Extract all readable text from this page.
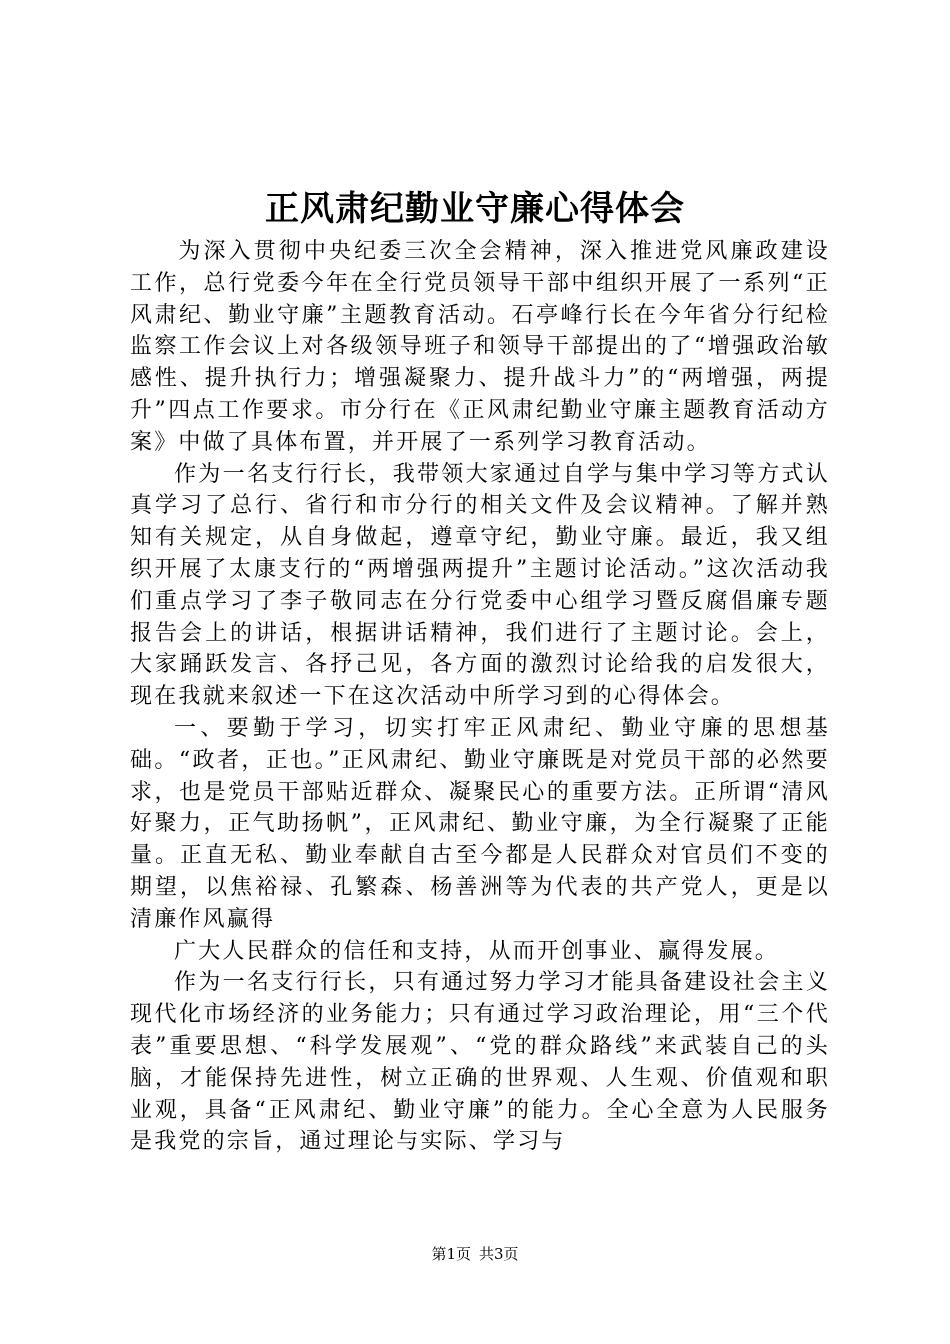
正风肃纪勤业守廉心得体会

为深入贯彻中央纪委三次全会精神，深入推进党风廉政建设工作，总行党委今年在全行党员领导干部中组织开展了一系列“正风肃纪、勤业守廉”主题教育活动。石亭峰行长在今年省分行纪检监察工作会议上对各级领导班子和领导干部提出的了“增强政治敏感性、提升执行力；增强凝聚力、提升战斗力”的“两增强，两提升”四点工作要求。市分行在《正风肃纪勤业守廉主题教育活动方案》中做了具体布置，并开展了一系列学习教育活动。

作为一名支行行长，我带领大家通过自学与集中学习等方式认真学习了总行、省行和市分行的相关文件及会议精神。了解并熟知有关规定，从自身做起，遵章守纪，勤业守廉。最近，我又组织开展了太康支行的“两增强两提升”主题讨论活动。”这次活动我们重点学习了李子敬同志在分行党委中心组学习暨反腐倡廉专题报告会上的讲话，根据讲话精神，我们进行了主题讨论。会上，大家踊跃发言、各抒己见，各方面的激烈讨论给我的启发很大，现在我就来叙述一下在这次活动中所学习到的心得体会。

一、要勤于学习，切实打牢正风肃纪、勤业守廉的思想基础。“政者，正也。”正风肃纪、勤业守廉既是对党员干部的必然要求，也是党员干部贴近群众、凝聚民心的重要方法。正所谓“清风好聚力，正气助扬帆”，正风肃纪、勤业守廉，为全行凝聚了正能量。正直无私、勤业奉献自古至今都是人民群众对官员们不变的期望，以焦裕禄、孔繁森、杨善洲等为代表的共产党人，更是以清廉作风赢得

广大人民群众的信任和支持，从而开创事业、赢得发展。

作为一名支行行长，只有通过努力学习才能具备建设社会主义现代化市场经济的业务能力；只有通过学习政治理论，用“三个代表”重要思想、“科学发展观”、“党的群众路线”来武装自己的头脑，才能保持先进性，树立正确的世界观、人生观、价值观和职业观，具备“正风肃纪、勤业守廉”的能力。全心全意为人民服务是我党的宗旨，通过理论与实际、学习与

第1页 共3页
